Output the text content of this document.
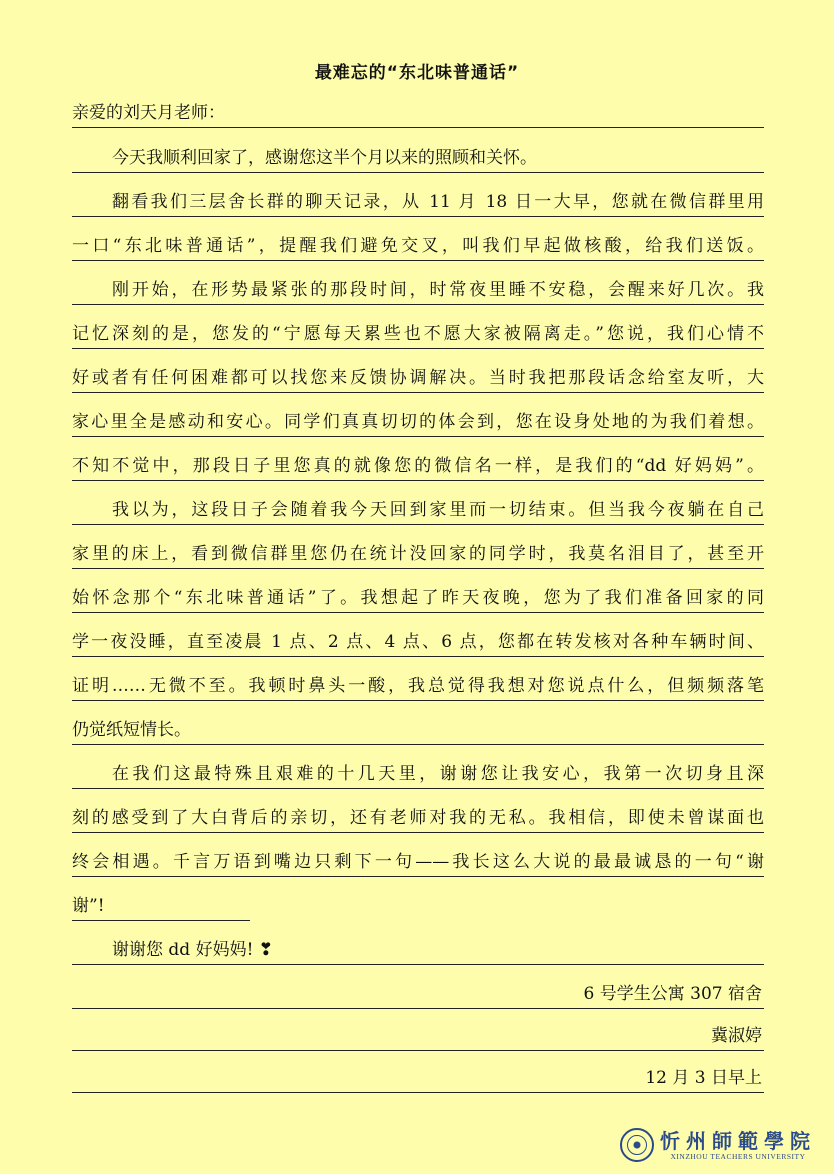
最难忘的“东北味普通话”
亲爱的刘天月老师：
今天我顺利回家了，感谢您这半个月以来的照顾和关怀。
翻看我们三层舍长群的聊天记录，从 11 月 18 日一大早，您就在微信群里用
一口“东北味普通话”，提醒我们避免交叉，叫我们早起做核酸，给我们送饭。
刚开始，在形势最紧张的那段时间，时常夜里睡不安稳，会醒来好几次。我
记忆深刻的是，您发的“宁愿每天累些也不愿大家被隔离走。”您说，我们心情不
好或者有任何困难都可以找您来反馈协调解决。当时我把那段话念给室友听，大
家心里全是感动和安心。同学们真真切切的体会到，您在设身处地的为我们着想。
不知不觉中，那段日子里您真的就像您的微信名一样，是我们的“dd 好妈妈”。
我以为，这段日子会随着我今天回到家里而一切结束。但当我今夜躺在自己
家里的床上，看到微信群里您仍在统计没回家的同学时，我莫名泪目了，甚至开
始怀念那个“东北味普通话”了。我想起了昨天夜晚，您为了我们准备回家的同
学一夜没睡，直至凌晨 1 点、2 点、4 点、6 点，您都在转发核对各种车辆时间、
证明……无微不至。我顿时鼻头一酸，我总觉得我想对您说点什么，但频频落笔
仍觉纸短情长。
在我们这最特殊且艰难的十几天里，谢谢您让我安心，我第一次切身且深
刻的感受到了大白背后的亲切，还有老师对我的无私。我相信，即使未曾谋面也
终会相遇。千言万语到嘴边只剩下一句——我长这么大说的最最诚恳的一句“谢
谢”!
谢谢您 dd 好妈妈! ❣
6 号学生公寓 307 宿舍
冀淑婷
12 月 3 日早上
忻州師範學院
XINZHOU TEACHERS UNIVERSITY
